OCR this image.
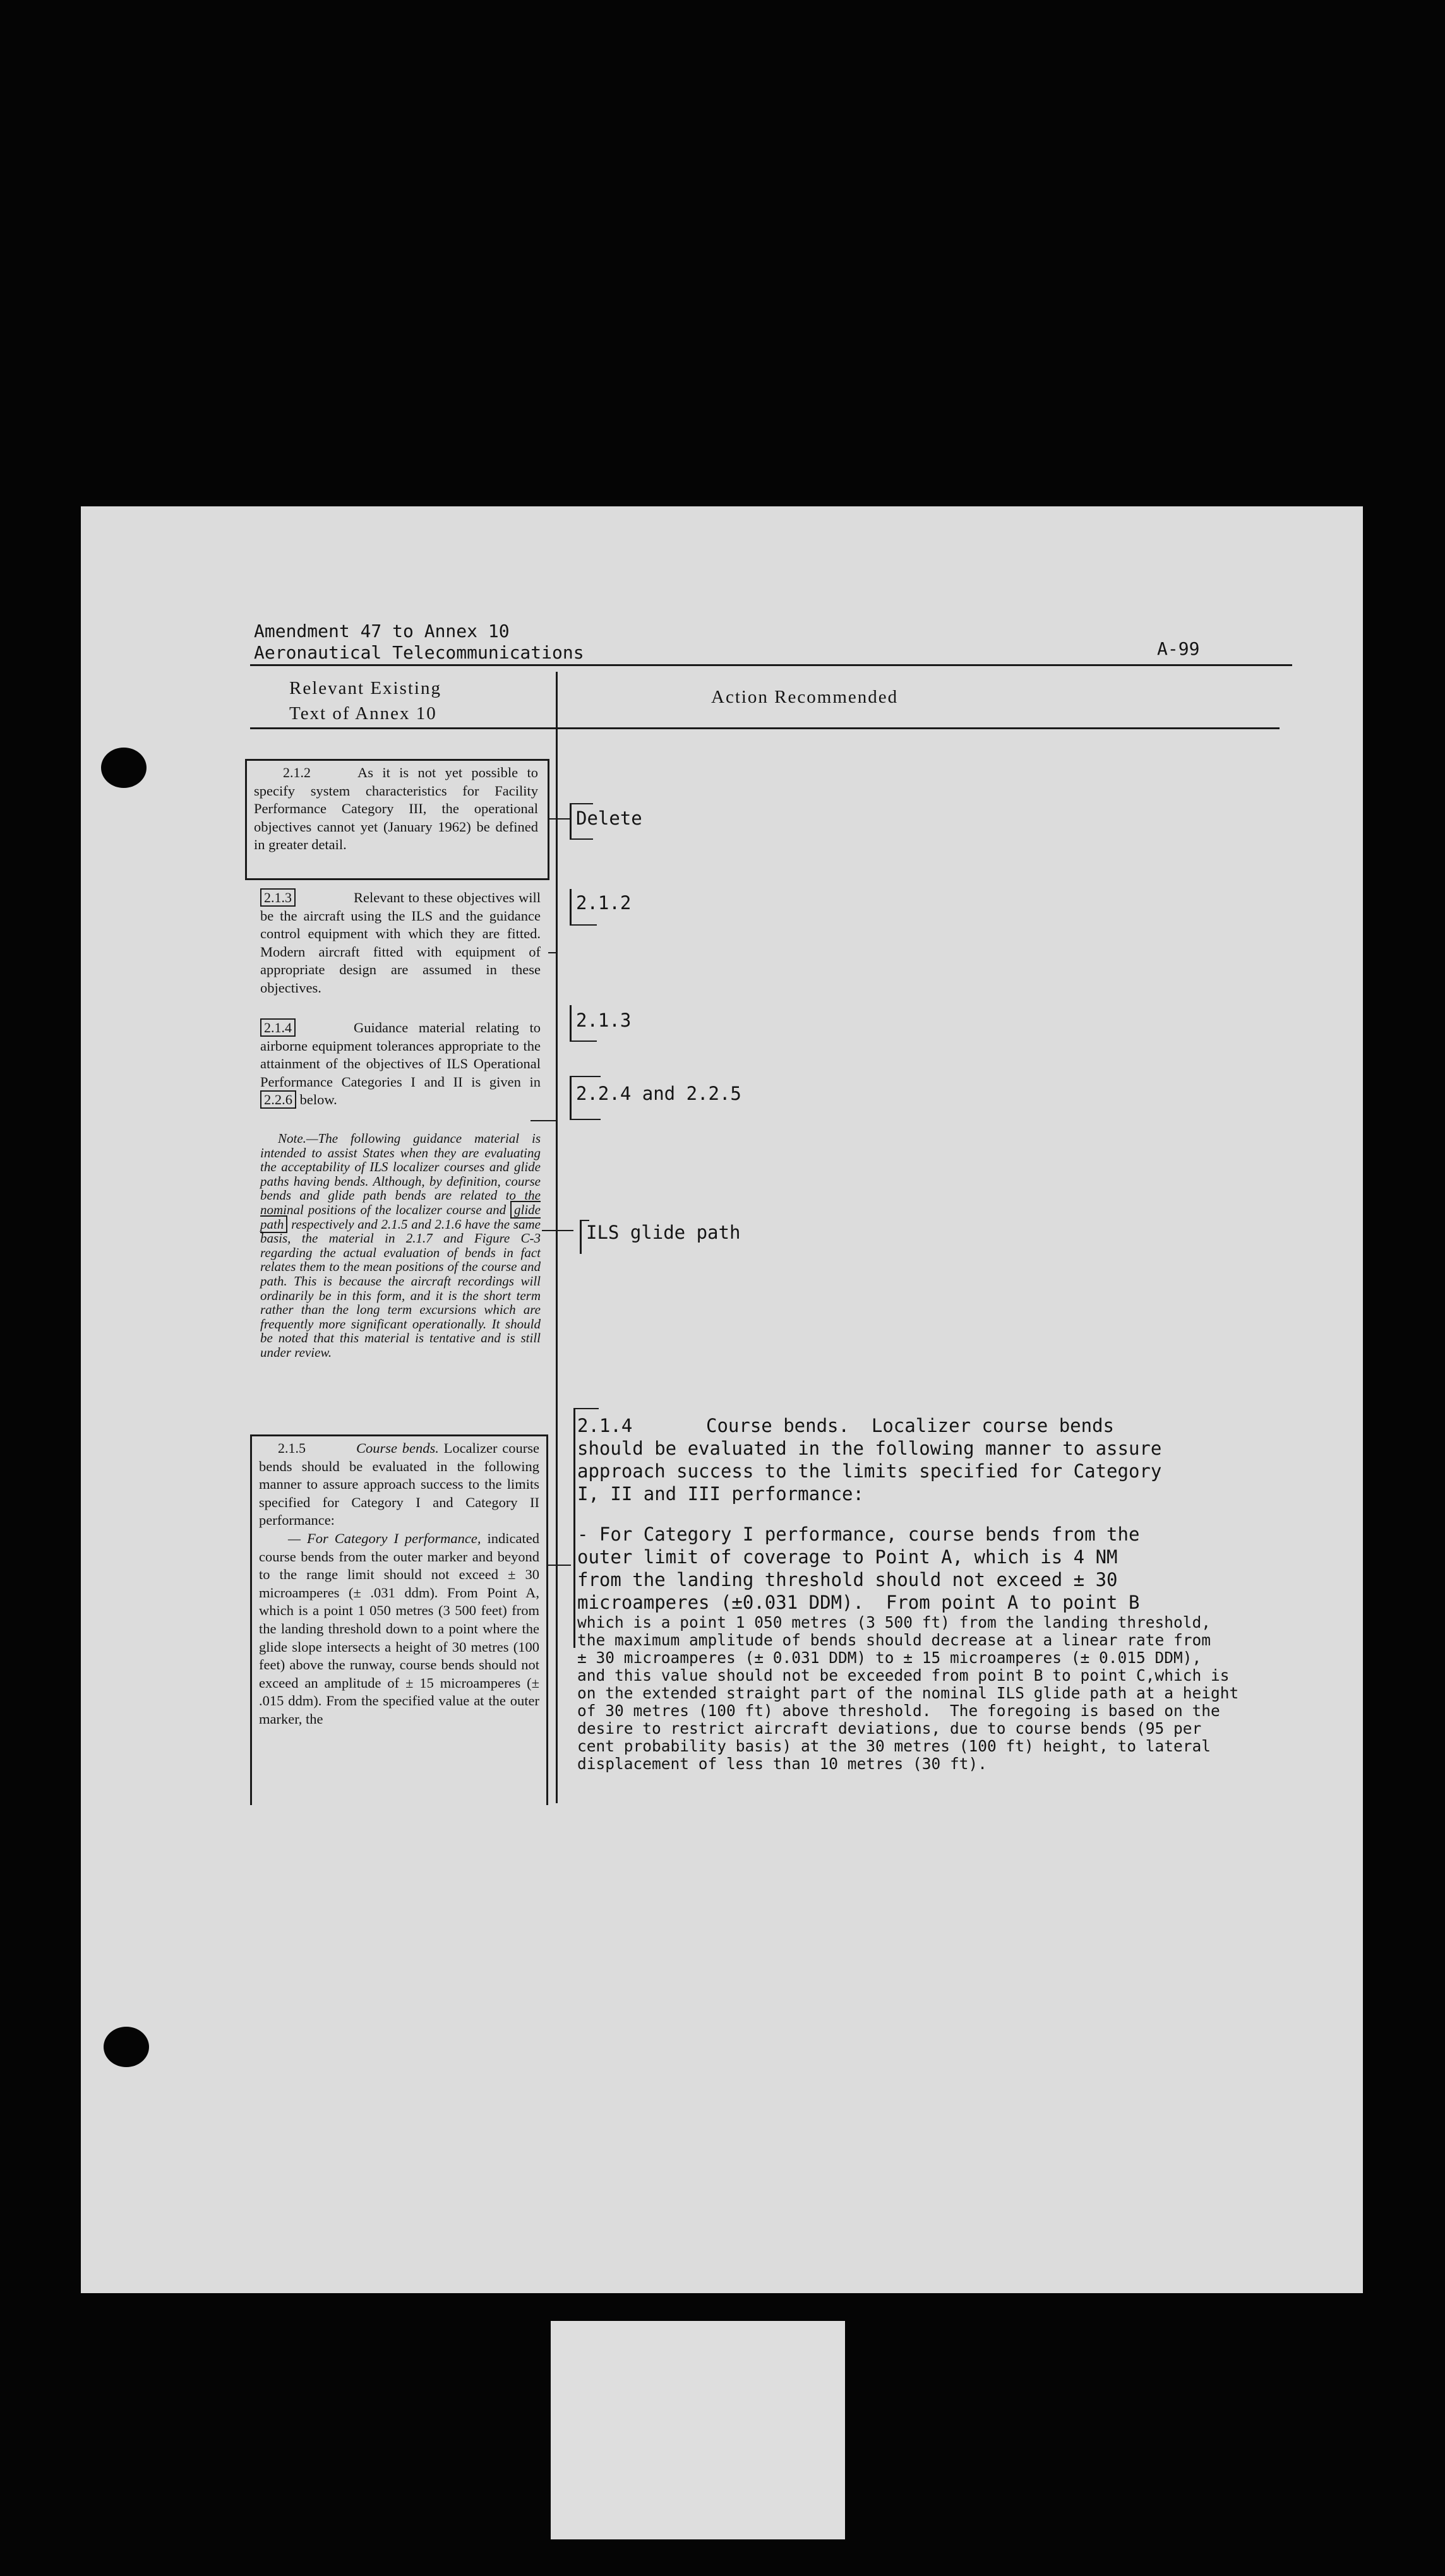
Amendment 47 to Annex 10
Aeronautical Telecommunications	A-99
Relevant Existing
Text of Annex 10
Action Recommended
2.1.2	As it is not yet possible to specify system characteristics for Facility Performance Category III, the operational objectives cannot yet (January 1962) be defined in greater detail.
2.1.3	Relevant to these objectives will be the aircraft using the ILS and the guidance control equipment with which they are fitted. Modern aircraft fitted with equipment of appropriate design are assumed in these objectives.
2.1.4	Guidance material relating to airborne equipment tolerances appropriate to the attainment of the objectives of ILS Operational Performance Categories I and II is given in 2.2.6 below.
Note.—The following guidance material is intended to assist States when they are evaluating the acceptability of ILS localizer courses and glide paths having bends. Although, by definition, course bends and glide path bends are related to the nominal positions of the localizer course and glide path respectively and 2.1.5 and 2.1.6 have the same basis, the material in 2.1.7 and Figure C-3 regarding the actual evaluation of bends in fact relates them to the mean positions of the course and path. This is because the aircraft recordings will ordinarily be in this form, and it is the short term rather than the long term excursions which are frequently more significant operationally. It should be noted that this material is tentative and is still under review.
2.1.5	Course bends. Localizer course bends should be evaluated in the following manner to assure approach success to the limits specified for Category I and Category II performance:
— For Category I performance, indicated course bends from the outer marker and beyond to the range limit should not exceed ± 30 microamperes (± .031 ddm). From Point A, which is a point 1 050 metres (3 500 feet) from the landing threshold down to a point where the glide slope intersects a height of 30 metres (100 feet) above the runway, course bends should not exceed an amplitude of ± 15 microamperes (± .015 ddm). From the specified value at the outer marker, the
Delete
2.1.2
2.1.3
2.2.4 and 2.2.5
ILS glide path
2.1.4	Course bends.  Localizer course bends
should be evaluated in the following manner to assure
approach success to the limits specified for Category
I, II and III performance:
- For Category I performance, course bends from the
outer limit of coverage to Point A, which is 4 NM
from the landing threshold should not exceed ± 30
microamperes (±0.031 DDM).  From point A to point B
which is a point 1 050 metres (3 500 ft) from the landing threshold,
the maximum amplitude of bends should decrease at a linear rate from
± 30 microamperes (± 0.031 DDM) to ± 15 microamperes (± 0.015 DDM),
and this value should not be exceeded from point B to point C,which is
on the extended straight part of the nominal ILS glide path at a height
of 30 metres (100 ft) above threshold.  The foregoing is based on the
desire to restrict aircraft deviations, due to course bends (95 per
cent probability basis) at the 30 metres (100 ft) height, to lateral
displacement of less than 10 metres (30 ft).
